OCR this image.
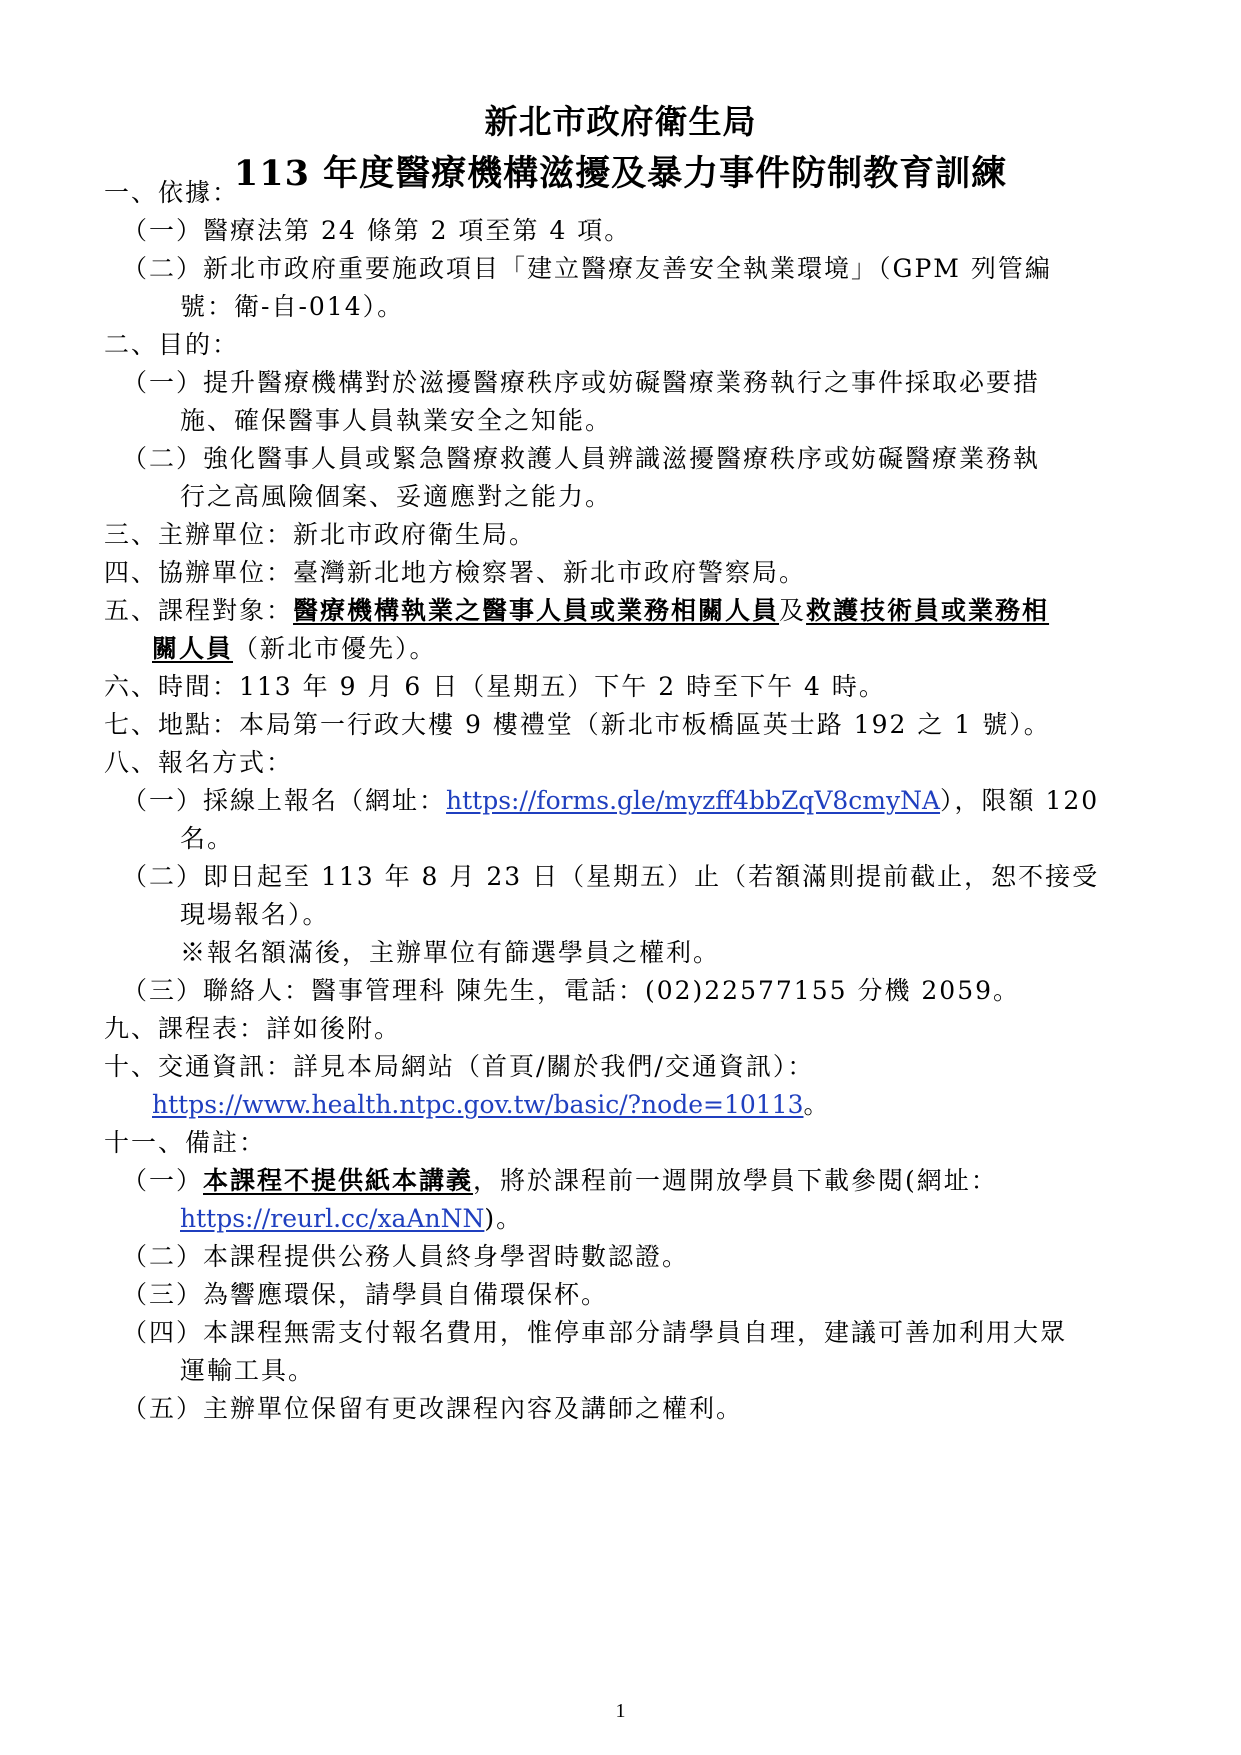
新北市政府衛生局
113 年度醫療機構滋擾及暴力事件防制教育訓練
一、依據：
（一）醫療法第 24 條第 2 項至第 4 項。
（二）新北市政府重要施政項目「建立醫療友善安全執業環境」（GPM 列管編
號：衛-自-014）。
二、目的：
（一）提升醫療機構對於滋擾醫療秩序或妨礙醫療業務執行之事件採取必要措
施、確保醫事人員執業安全之知能。
（二）強化醫事人員或緊急醫療救護人員辨識滋擾醫療秩序或妨礙醫療業務執
行之高風險個案、妥適應對之能力。
三、主辦單位：新北市政府衛生局。
四、協辦單位：臺灣新北地方檢察署、新北市政府警察局。
五、課程對象：醫療機構執業之醫事人員或業務相關人員及救護技術員或業務相
關人員（新北市優先）。
六、時間：113 年 9 月 6 日（星期五）下午 2 時至下午 4 時。
七、地點：本局第一行政大樓 9 樓禮堂（新北市板橋區英士路 192 之 1 號）。
八、報名方式：
（一）採線上報名（網址：https://forms.gle/myzff4bbZqV8cmyNA），限額 120
名。
（二）即日起至 113 年 8 月 23 日（星期五）止（若額滿則提前截止，恕不接受
現場報名）。
※報名額滿後，主辦單位有篩選學員之權利。
（三）聯絡人：醫事管理科 陳先生，電話：(02)22577155 分機 2059。
九、課程表：詳如後附。
十、交通資訊：詳見本局網站（首頁/關於我們/交通資訊）：
https://www.health.ntpc.gov.tw/basic/?node=10113。
十一、備註：
（一）本課程不提供紙本講義，將於課程前一週開放學員下載參閱(網址：
https://reurl.cc/xaAnNN)。
（二）本課程提供公務人員終身學習時數認證。
（三）為響應環保，請學員自備環保杯。
（四）本課程無需支付報名費用，惟停車部分請學員自理，建議可善加利用大眾
運輸工具。
（五）主辦單位保留有更改課程內容及講師之權利。
1
